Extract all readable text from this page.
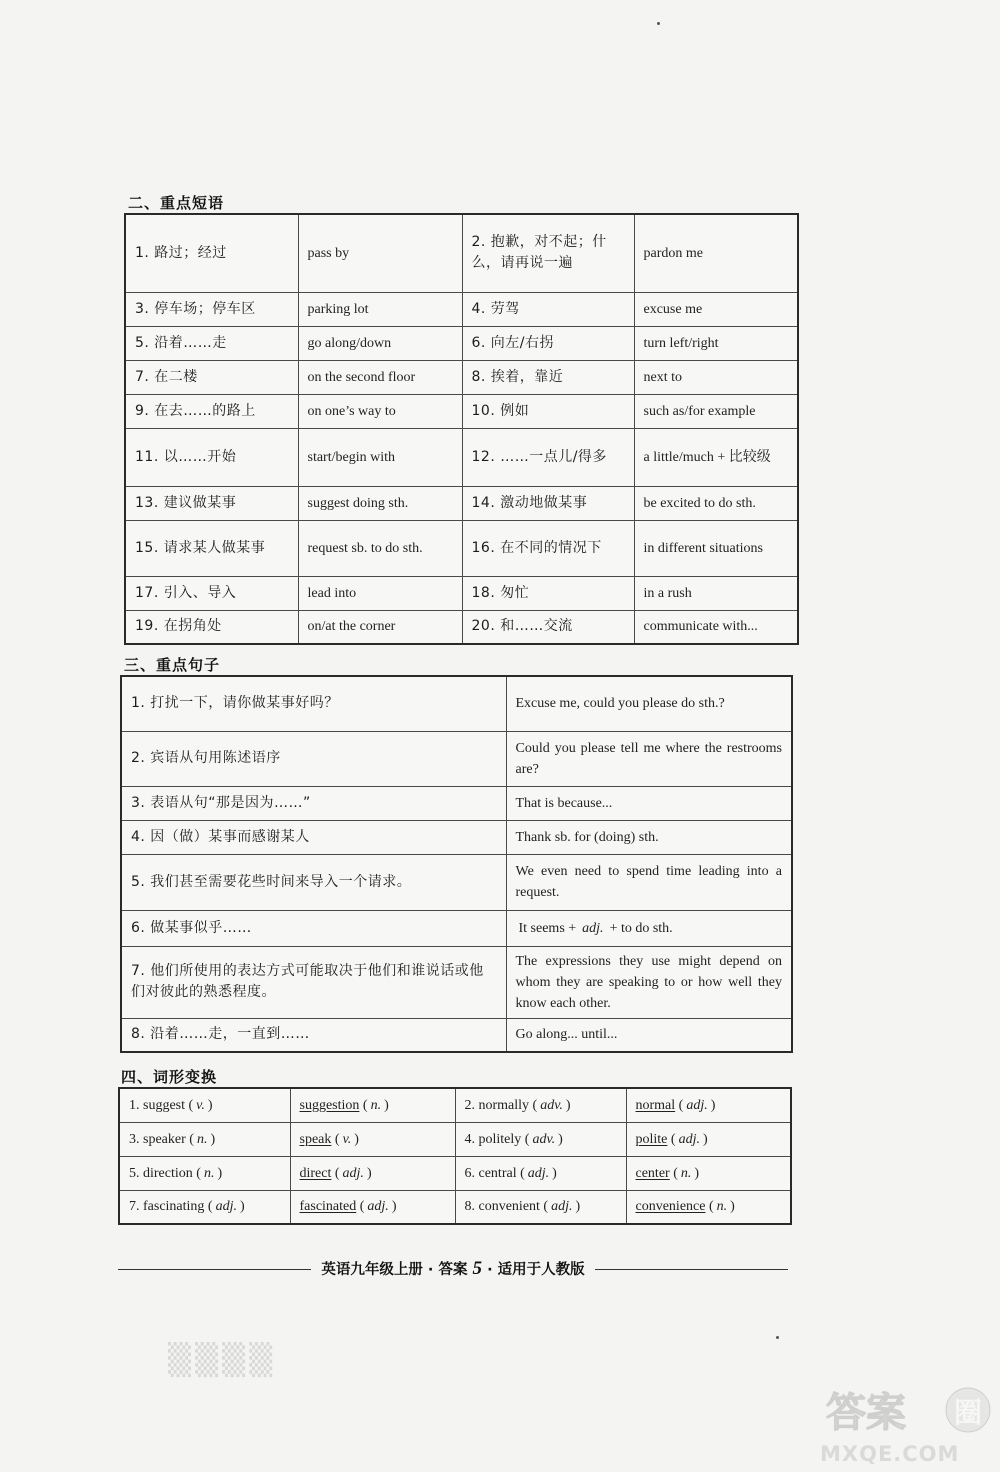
二、重点短语
1. 路过；经过	pass by	2. 抱歉，对不起；什么，请再说一遍	pardon me
3. 停车场；停车区	parking lot	4. 劳驾	excuse me
5. 沿着……走	go along/down	6. 向左/右拐	turn left/right
7. 在二楼	on the second floor	8. 挨着，靠近	next to
9. 在去……的路上	on one’s way to	10. 例如	such as/for example
11. 以……开始	start/begin with	12. ……一点儿/得多	a little/much + 比较级
13. 建议做某事	suggest doing sth.	14. 激动地做某事	be excited to do sth.
15. 请求某人做某事	request sb. to do sth.	16. 在不同的情况下	in different situations
17. 引入、导入	lead into	18. 匆忙	in a rush
19. 在拐角处	on/at the corner	20. 和……交流	communicate with...
三、重点句子
1. 打扰一下，请你做某事好吗？	Excuse me, could you please do sth.?
2. 宾语从句用陈述语序	Could you please tell me where the restrooms are?
3. 表语从句“那是因为……”	That is because...
4. 因（做）某事而感谢某人	Thank sb. for (doing) sth.
5. 我们甚至需要花些时间来导入一个请求。	We even need to spend time leading into a request.
6. 做某事似乎……	It seems + adj. + to do sth.
7. 他们所使用的表达方式可能取决于他们和谁说话或他们对彼此的熟悉程度。	The expressions they use might depend on whom they are speaking to or how well they know each other.
8. 沿着……走，一直到……	Go along... until...
四、词形变换
1. suggest ( v. )	suggestion ( n. )	2. normally ( adv. )	normal ( adj. )
3. speaker ( n. )	speak ( v. )	4. politely ( adv. )	polite ( adj. )
5. direction ( n. )	direct ( adj. )	6. central ( adj. )	center ( n. )
7. fascinating ( adj. )	fascinated ( adj. )	8. convenient ( adj. )	convenience ( n. )
英语九年级上册 · 答案 5 · 适用于人教版
▒▒▒▒
答案 圈
MXQE.COM
